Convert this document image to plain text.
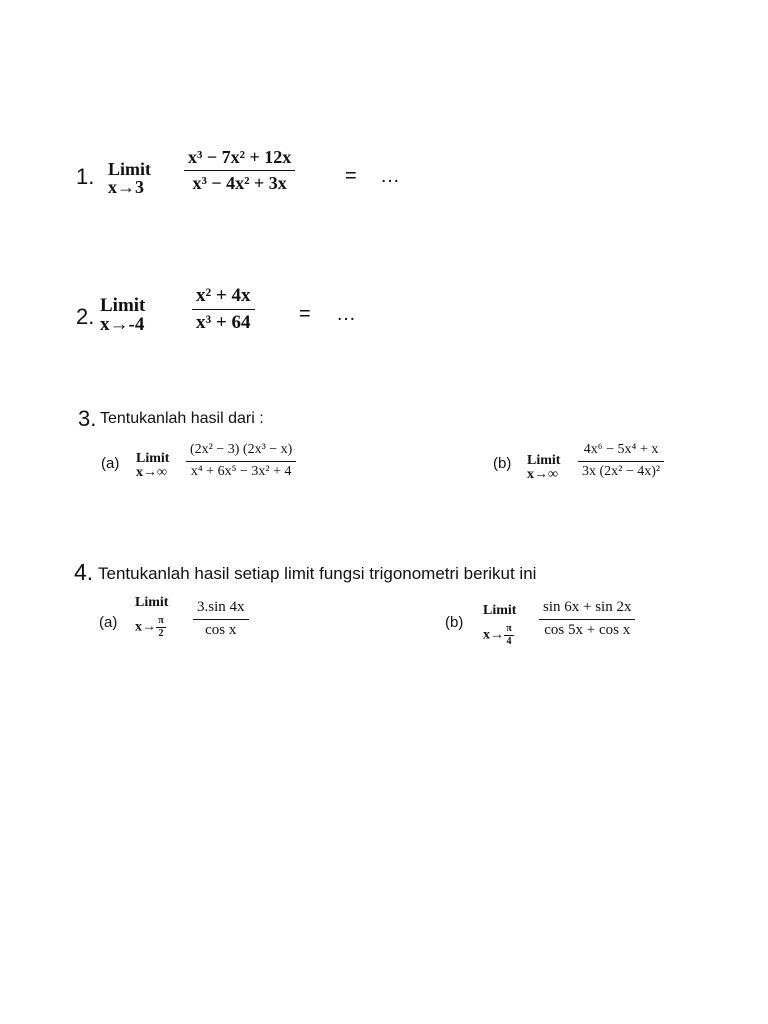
1. Limit
x→3
x³ − 7x² + 12x
x³ − 4x² + 3x	= …
2. Limit
x→-4
x² + 4x
x³ + 64 = …
3. Tentukanlah hasil dari :
(a) Limit
x→∞
(2x² − 3) (2x³ − x)
x⁴ + 6x⁵ − 3x² + 4	(b) Limit
x→∞
4x⁶ − 5x⁴ + x
3x (2x² − 4x)²
4. Tentukanlah hasil setiap limit fungsi trigonometri berikut ini
(a)
Limit
$x\to \frac{\pi}{2}$
3.sin 4x
cos x	(b)
Limit
$x\to \frac{\pi}{4}$
sin 6x + sin 2x
cos 5x + cos x
